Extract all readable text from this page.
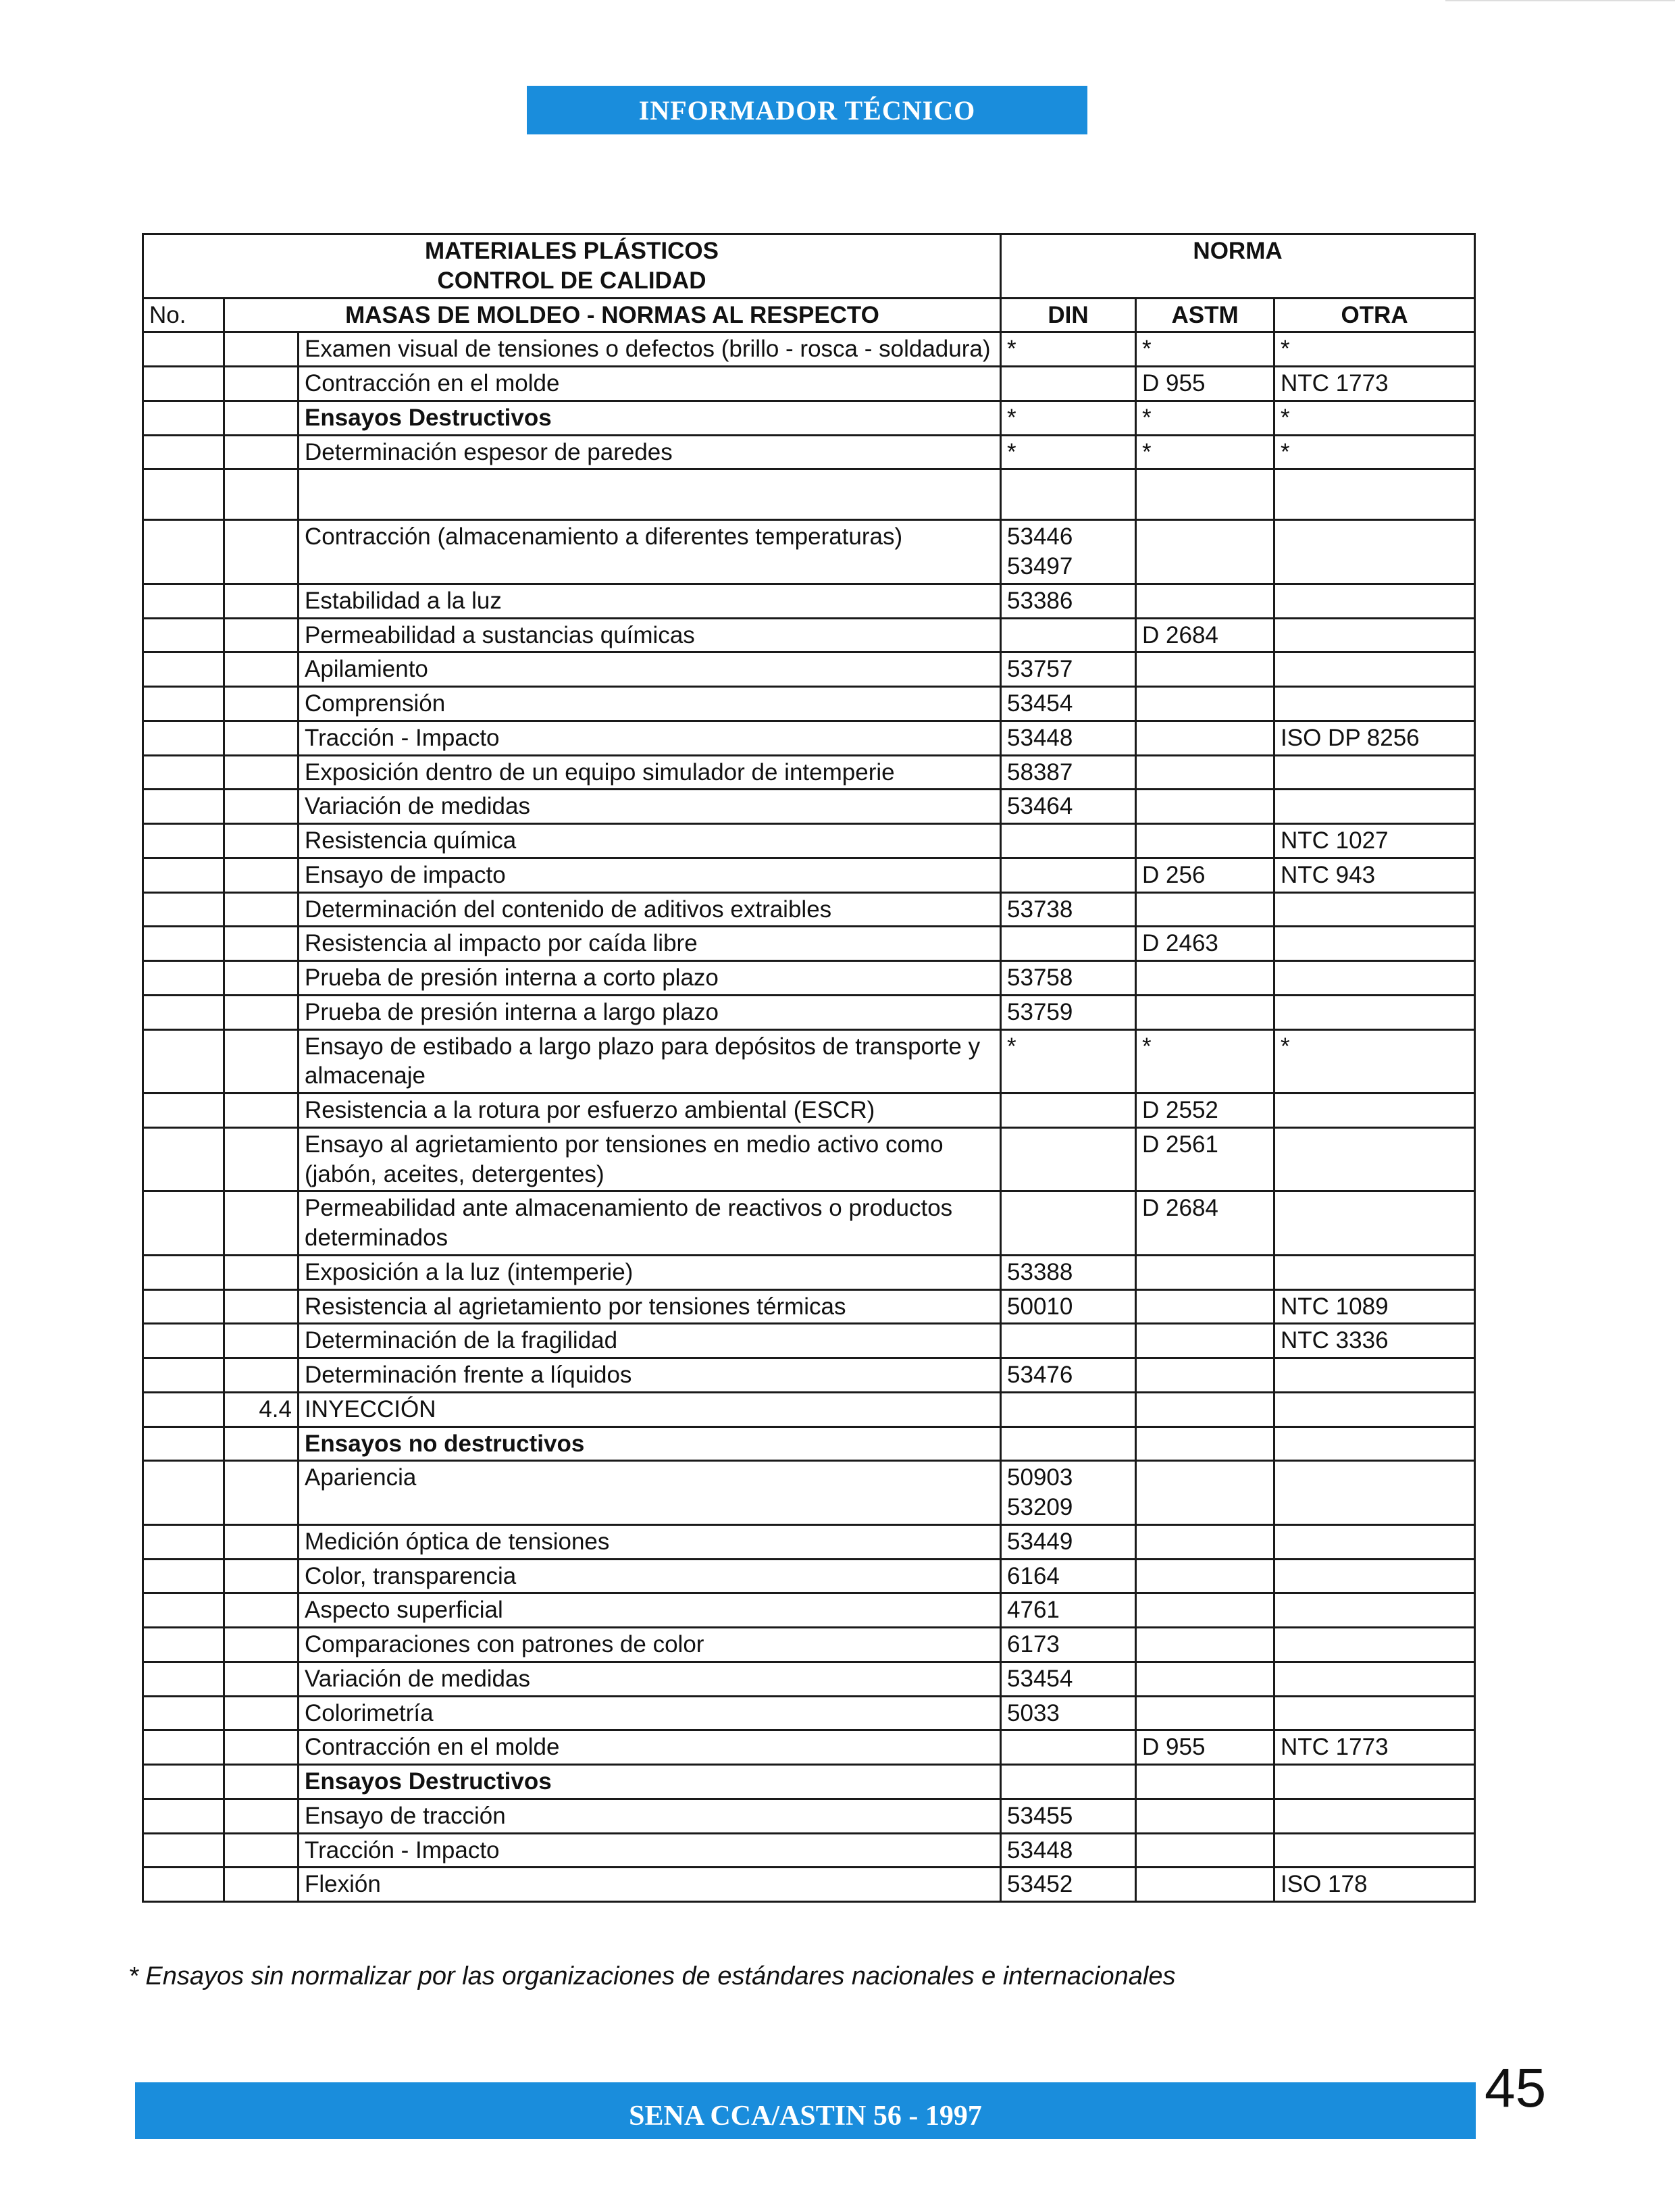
INFORMADOR TÉCNICO
MATERIALES PLÁSTICOS
CONTROL DE CALIDAD			NORMA		
No.	MASAS DE MOLDEO - NORMAS AL RESPECTO		DIN	ASTM	OTRA
		• Examen visual de tensiones o defectos (brillo - rosca - soldadura)	*	*	*
		• Contracción en el molde		D 955	NTC 1773
		Ensayos Destructivos	*	*	*
		• Determinación espesor de paredes	*	*	*

		• Contracción (almacenamiento a diferentes temperaturas)	53446
53497		
		• Estabilidad a la luz	53386		
		• Permeabilidad a sustancias químicas		D 2684	
		• Apilamiento	53757		
		• Comprensión	53454		
		• Tracción - Impacto	53448		ISO DP 8256
		• Exposición dentro de un equipo simulador de intemperie	58387		
		• Variación de medidas	53464		
		• Resistencia química			NTC 1027
		• Ensayo de impacto		D 256	NTC 943
		• Determinación del contenido de aditivos extraibles	53738		
		• Resistencia al impacto por caída libre		D 2463	
		• Prueba de presión interna a corto plazo	53758		
		• Prueba de presión interna a largo plazo	53759		
		• Ensayo de estibado a largo plazo para depósitos de transporte y almacenaje	*	*	*
		• Resistencia a la rotura por esfuerzo ambiental (ESCR)		D 2552	
		• Ensayo al agrietamiento por tensiones en medio activo como (jabón, aceites, detergentes)		D 2561	
		• Permeabilidad ante almacenamiento de reactivos o productos determinados		D 2684	
		• Exposición a la luz (intemperie)	53388		
		• Resistencia al agrietamiento por tensiones térmicas	50010		NTC 1089
		• Determinación de la fragilidad			NTC 3336
		• Determinación frente a líquidos	53476		
	4.4	INYECCIÓN			
		Ensayos no destructivos			
		• Apariencia	50903
53209		
		• Medición óptica de tensiones	53449		
		• Color, transparencia	6164		
		• Aspecto superficial	4761		
		• Comparaciones con patrones de color	6173		
		• Variación de medidas	53454		
		• Colorimetría	5033		
		• Contracción en el molde		D 955	NTC 1773
		Ensayos Destructivos			
		• Ensayo de tracción	53455		
		• Tracción - Impacto	53448		
		• Flexión	53452		ISO 178
* Ensayos sin normalizar por las organizaciones de estándares nacionales e internacionales
SENA CCA/ASTIN 56 - 1997	45
